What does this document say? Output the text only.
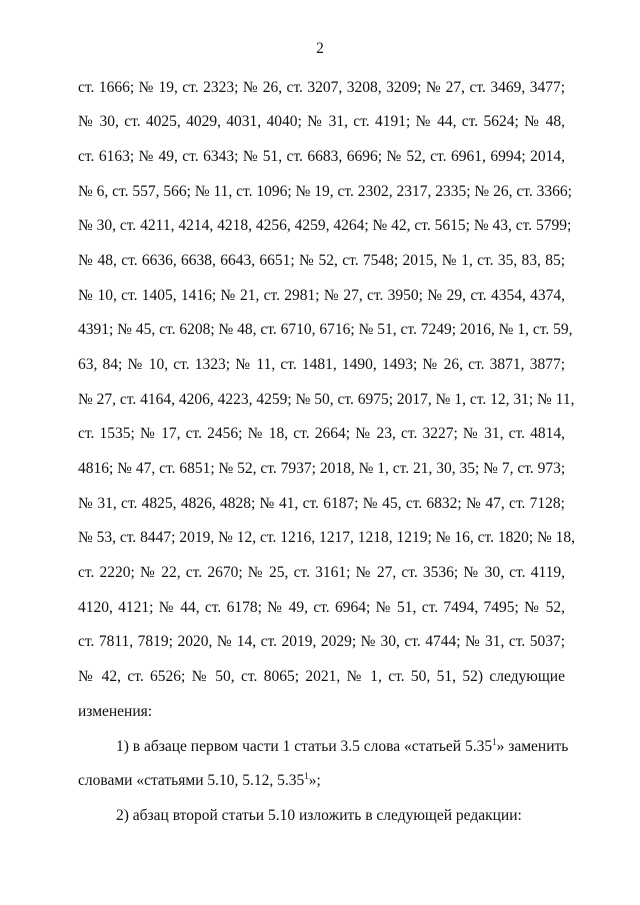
2
ст. 1666; № 19, ст. 2323; № 26, ст. 3207, 3208, 3209; № 27, ст. 3469, 3477;
№ 30, ст. 4025, 4029, 4031, 4040; № 31, ст. 4191; № 44, ст. 5624; № 48,
ст. 6163; № 49, ст. 6343; № 51, ст. 6683, 6696; № 52, ст. 6961, 6994; 2014,
№ 6, ст. 557, 566; № 11, ст. 1096; № 19, ст. 2302, 2317, 2335; № 26, ст. 3366;
№ 30, ст. 4211, 4214, 4218, 4256, 4259, 4264; № 42, ст. 5615; № 43, ст. 5799;
№ 48, ст. 6636, 6638, 6643, 6651; № 52, ст. 7548; 2015, № 1, ст. 35, 83, 85;
№ 10, ст. 1405, 1416; № 21, ст. 2981; № 27, ст. 3950; № 29, ст. 4354, 4374,
4391; № 45, ст. 6208; № 48, ст. 6710, 6716; № 51, ст. 7249; 2016, № 1, ст. 59,
63, 84; № 10, ст. 1323; № 11, ст. 1481, 1490, 1493; № 26, ст. 3871, 3877;
№ 27, ст. 4164, 4206, 4223, 4259; № 50, ст. 6975; 2017, № 1, ст. 12, 31; № 11,
ст. 1535; № 17, ст. 2456; № 18, ст. 2664; № 23, ст. 3227; № 31, ст. 4814,
4816; № 47, ст. 6851; № 52, ст. 7937; 2018, № 1, ст. 21, 30, 35; № 7, ст. 973;
№ 31, ст. 4825, 4826, 4828; № 41, ст. 6187; № 45, ст. 6832; № 47, ст. 7128;
№ 53, ст. 8447; 2019, № 12, ст. 1216, 1217, 1218, 1219; № 16, ст. 1820; № 18,
ст. 2220; № 22, ст. 2670; № 25, ст. 3161; № 27, ст. 3536; № 30, ст. 4119,
4120, 4121; № 44, ст. 6178; № 49, ст. 6964; № 51, ст. 7494, 7495; № 52,
ст. 7811, 7819; 2020, № 14, ст. 2019, 2029; № 30, ст. 4744; № 31, ст. 5037;
№ 42, ст. 6526; № 50, ст. 8065; 2021, № 1, ст. 50, 51, 52) следующие
изменения:
1) в абзаце первом части 1 статьи 3.5 слова «статьей 5.35$^1$» заменить
словами «статьями 5.10, 5.12, 5.35$^1$»;
2) абзац второй статьи 5.10 изложить в следующей редакции:
